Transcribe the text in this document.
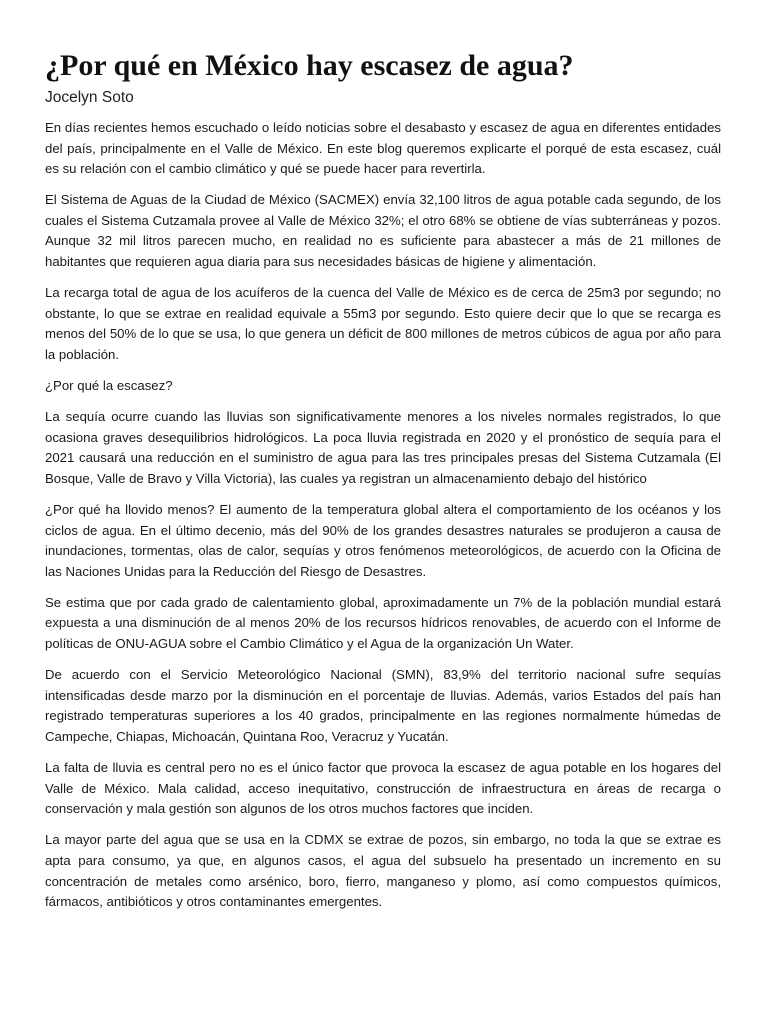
¿Por qué en México hay escasez de agua?
Jocelyn Soto

En días recientes hemos escuchado o leído noticias sobre el desabasto y escasez de agua en diferentes entidades del país, principalmente en el Valle de México. En este blog queremos explicarte el porqué de esta escasez, cuál es su relación con el cambio climático y qué se puede hacer para revertirla.

El Sistema de Aguas de la Ciudad de México (SACMEX) envía 32,100 litros de agua potable cada segundo, de los cuales el Sistema Cutzamala provee al Valle de México 32%; el otro 68% se obtiene de vías subterráneas y pozos. Aunque 32 mil litros parecen mucho, en realidad no es suficiente para abastecer a más de 21 millones de habitantes que requieren agua diaria para sus necesidades básicas de higiene y alimentación.

La recarga total de agua de los acuíferos de la cuenca del Valle de México es de cerca de 25m3 por segundo; no obstante, lo que se extrae en realidad equivale a 55m3 por segundo. Esto quiere decir que lo que se recarga es menos del 50% de lo que se usa, lo que genera un déficit de 800 millones de metros cúbicos de agua por año para la población.

¿Por qué la escasez?

La sequía ocurre cuando las lluvias son significativamente menores a los niveles normales registrados, lo que ocasiona graves desequilibrios hidrológicos. La poca lluvia registrada en 2020 y el pronóstico de sequía para el 2021 causará una reducción en el suministro de agua para las tres principales presas del Sistema Cutzamala (El Bosque, Valle de Bravo y Villa Victoria), las cuales ya registran un almacenamiento debajo del histórico

¿Por qué ha llovido menos? El aumento de la temperatura global altera el comportamiento de los océanos y los ciclos de agua. En el último decenio, más del 90% de los grandes desastres naturales se produjeron a causa de inundaciones, tormentas, olas de calor, sequías y otros fenómenos meteorológicos, de acuerdo con la Oficina de las Naciones Unidas para la Reducción del Riesgo de Desastres.

Se estima que por cada grado de calentamiento global, aproximadamente un 7% de la población mundial estará expuesta a una disminución de al menos 20% de los recursos hídricos renovables, de acuerdo con el Informe de políticas de ONU-AGUA sobre el Cambio Climático y el Agua de la organización Un Water.

De acuerdo con el Servicio Meteorológico Nacional (SMN), 83,9% del territorio nacional sufre sequías intensificadas desde marzo por la disminución en el porcentaje de lluvias. Además, varios Estados del país han registrado temperaturas superiores a los 40 grados, principalmente en las regiones normalmente húmedas de Campeche, Chiapas, Michoacán, Quintana Roo, Veracruz y Yucatán.

La falta de lluvia es central pero no es el único factor que provoca la escasez de agua potable en los hogares del Valle de México. Mala calidad, acceso inequitativo, construcción de infraestructura en áreas de recarga o conservación y mala gestión son algunos de los otros muchos factores que inciden.

La mayor parte del agua que se usa en la CDMX se extrae de pozos, sin embargo, no toda la que se extrae es apta para consumo, ya que, en algunos casos, el agua del subsuelo ha presentado un incremento en su concentración de metales como arsénico, boro, fierro, manganeso y plomo, así como compuestos químicos, fármacos, antibióticos y otros contaminantes emergentes.
